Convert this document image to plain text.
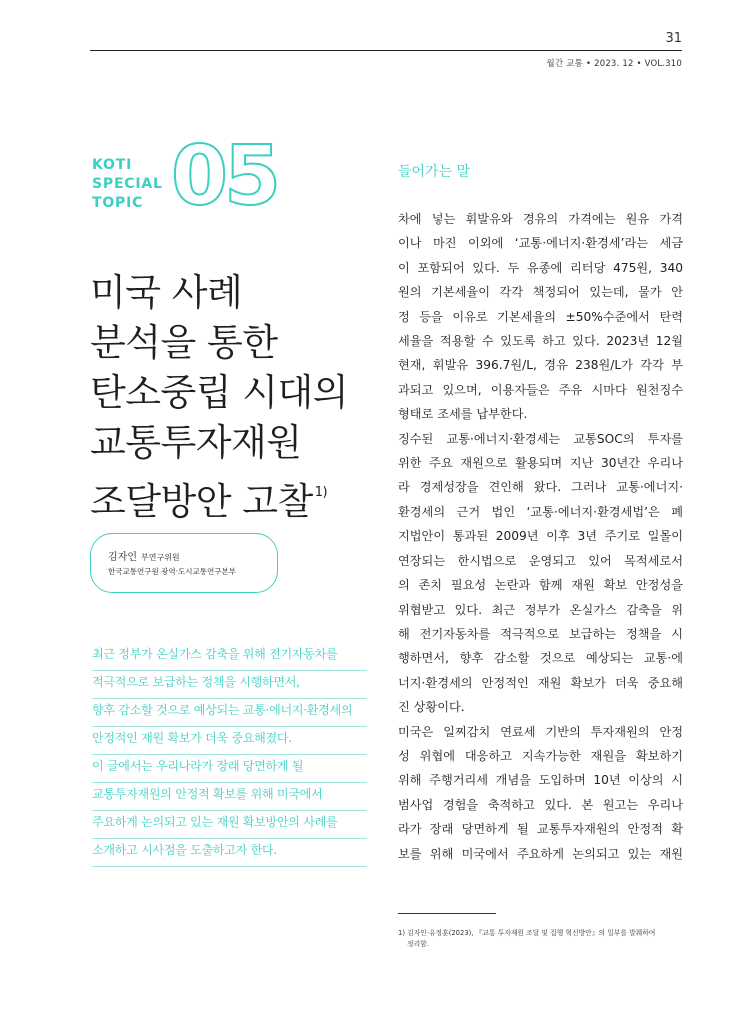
31
월간 교통 • 2023. 12 • VOL.310
KOTI
SPECIAL
TOPIC 05
미국 사례
분석을 통한
탄소중립 시대의
교통투자재원
조달방안 고찰 $^{1)}$
김자인 부연구위원
한국교통연구원 광역·도시교통연구본부
최근 정부가 온실가스 감축을 위해 전기자동차를
적극적으로 보급하는 정책을 시행하면서,
향후 감소할 것으로 예상되는 교통·에너지·환경세의
안정적인 재원 확보가 더욱 중요해졌다.
이 글에서는 우리나라가 장래 당면하게 될
교통투자재원의 안정적 확보를 위해 미국에서
주요하게 논의되고 있는 재원 확보방안의 사례를
소개하고 시사점을 도출하고자 한다.
들어가는 말

차에 넣는 휘발유와 경유의 가격에는 원유 가격
이나 마진 이외에 ‘교통·에너지·환경세’라는 세금
이 포함되어 있다. 두 유종에 리터당 475원, 340
원의 기본세율이 각각 책정되어 있는데, 물가 안
정 등을 이유로 기본세율의 ±50%수준에서 탄력
세율을 적용할 수 있도록 하고 있다. 2023년 12월
현재, 휘발유 396.7원/L, 경유 238원/L가 각각 부
과되고 있으며, 이용자들은 주유 시마다 원천징수
형태로 조세를 납부한다.

징수된 교통·에너지·환경세는 교통SOC의 투자를
위한 주요 재원으로 활용되며 지난 30년간 우리나
라 경제성장을 견인해 왔다. 그러나 교통·에너지·
환경세의 근거 법인 ‘교통·에너지·환경세법’은 폐
지법안이 통과된 2009년 이후 3년 주기로 일몰이
연장되는 한시법으로 운영되고 있어 목적세로서
의 존치 필요성 논란과 함께 재원 확보 안정성을
위협받고 있다. 최근 정부가 온실가스 감축을 위
해 전기자동차를 적극적으로 보급하는 정책을 시
행하면서, 향후 감소할 것으로 예상되는 교통·에
너지·환경세의 안정적인 재원 확보가 더욱 중요해
진 상황이다.

미국은 일찌감치 연료세 기반의 투자재원의 안정
성 위협에 대응하고 지속가능한 재원을 확보하기
위해 주행거리세 개념을 도입하며 10년 이상의 시
범사업 경험을 축적하고 있다. 본 원고는 우리나
라가 장래 당면하게 될 교통투자재원의 안정적 확
보를 위해 미국에서 주요하게 논의되고 있는 재원

1) 김자인·유정훈(2023), 『교통 투자재원 조달 및 집행 혁신방안』의 일부를 발췌하여
정리함.
